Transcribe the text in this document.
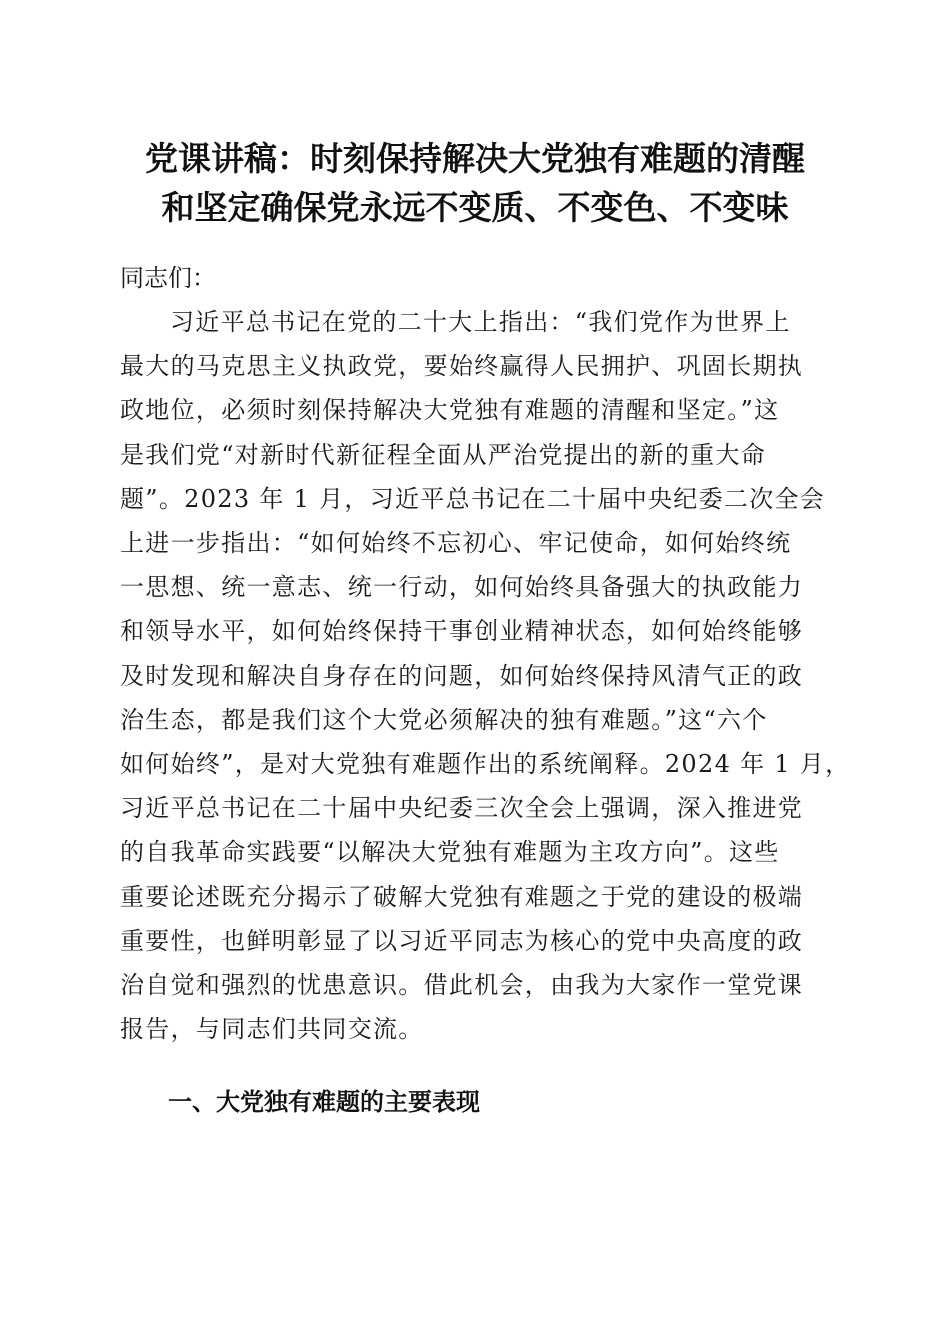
党课讲稿：时刻保持解决大党独有难题的清醒
和坚定确保党永远不变质、不变色、不变味

同志们：

习近平总书记在党的二十大上指出：“我们党作为世界上
最大的马克思主义执政党，要始终赢得人民拥护、巩固长期执
政地位，必须时刻保持解决大党独有难题的清醒和坚定。”这
是我们党“对新时代新征程全面从严治党提出的新的重大命
题”。2023 年 1 月，习近平总书记在二十届中央纪委二次全会
上进一步指出：“如何始终不忘初心、牢记使命，如何始终统
一思想、统一意志、统一行动，如何始终具备强大的执政能力
和领导水平，如何始终保持干事创业精神状态，如何始终能够
及时发现和解决自身存在的问题，如何始终保持风清气正的政
治生态，都是我们这个大党必须解决的独有难题。”这“六个
如何始终”，是对大党独有难题作出的系统阐释。2024 年 1 月，
习近平总书记在二十届中央纪委三次全会上强调，深入推进党
的自我革命实践要“以解决大党独有难题为主攻方向”。这些
重要论述既充分揭示了破解大党独有难题之于党的建设的极端
重要性，也鲜明彰显了以习近平同志为核心的党中央高度的政
治自觉和强烈的忧患意识。借此机会，由我为大家作一堂党课
报告，与同志们共同交流。
一、大党独有难题的主要表现
